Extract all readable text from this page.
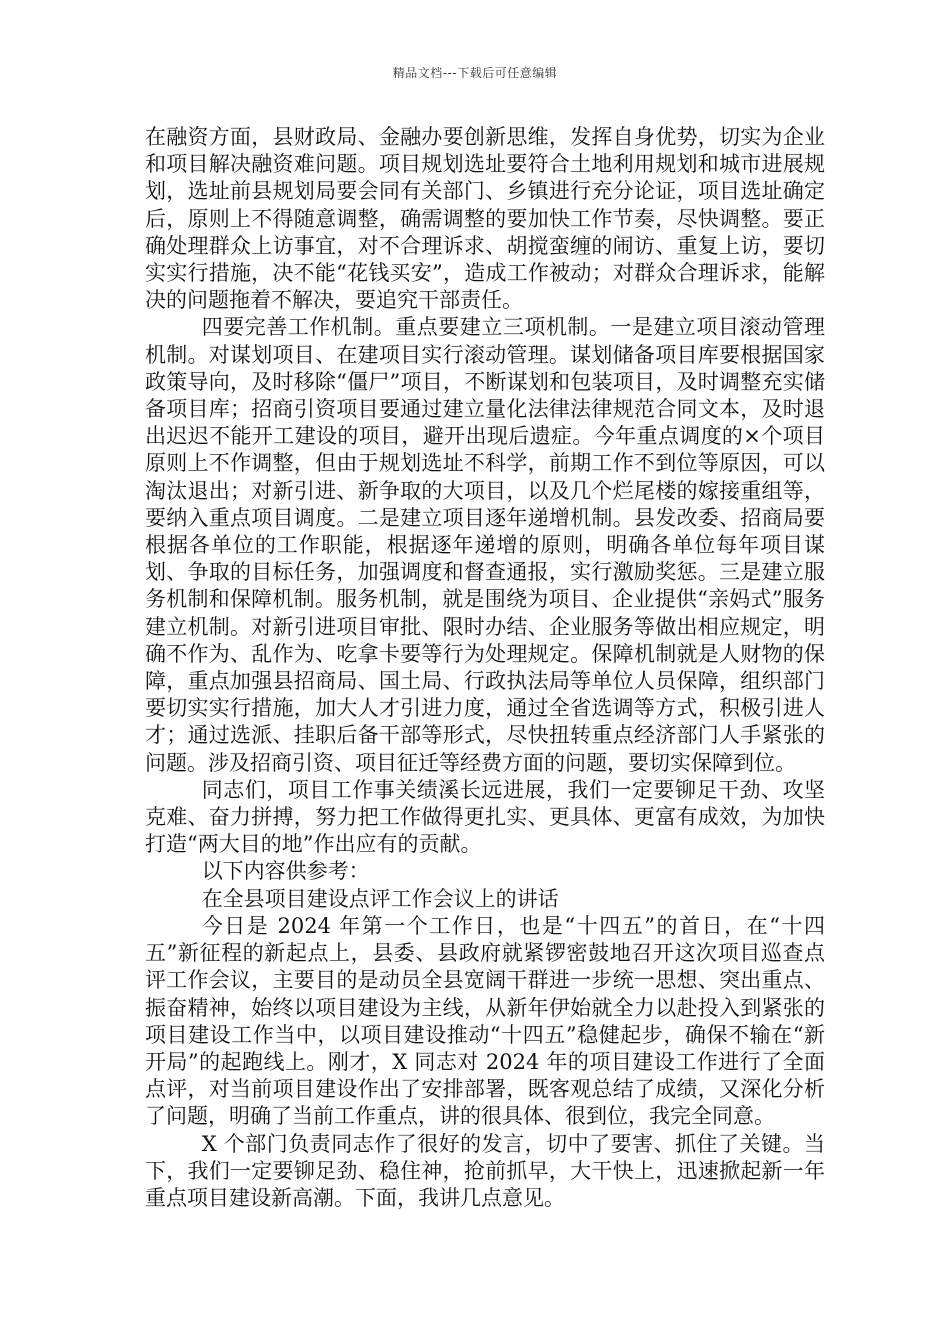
精品文档---下载后可任意编辑

在融资方面，县财政局、金融办要创新思维，发挥自身优势，切实为企业和项目解决融资难问题。项目规划选址要符合土地利用规划和城市进展规划，选址前县规划局要会同有关部门、乡镇进行充分论证，项目选址确定后，原则上不得随意调整，确需调整的要加快工作节奏，尽快调整。要正确处理群众上访事宜，对不合理诉求、胡搅蛮缠的闹访、重复上访，要切实实行措施，决不能“花钱买安”，造成工作被动；对群众合理诉求，能解决的问题拖着不解决，要追究干部责任。

四要完善工作机制。重点要建立三项机制。一是建立项目滚动管理机制。对谋划项目、在建项目实行滚动管理。谋划储备项目库要根据国家政策导向，及时移除“僵尸”项目，不断谋划和包装项目，及时调整充实储备项目库；招商引资项目要通过建立量化法律法律规范合同文本，及时退出迟迟不能开工建设的项目，避开出现后遗症。今年重点调度的×个项目原则上不作调整，但由于规划选址不科学，前期工作不到位等原因，可以淘汰退出；对新引进、新争取的大项目，以及几个烂尾楼的嫁接重组等，要纳入重点项目调度。二是建立项目逐年递增机制。县发改委、招商局要根据各单位的工作职能，根据逐年递增的原则，明确各单位每年项目谋划、争取的目标任务，加强调度和督查通报，实行激励奖惩。三是建立服务机制和保障机制。服务机制，就是围绕为项目、企业提供“亲妈式”服务建立机制。对新引进项目审批、限时办结、企业服务等做出相应规定，明确不作为、乱作为、吃拿卡要等行为处理规定。保障机制就是人财物的保障，重点加强县招商局、国土局、行政执法局等单位人员保障，组织部门要切实实行措施，加大人才引进力度，通过全省选调等方式，积极引进人才；通过选派、挂职后备干部等形式，尽快扭转重点经济部门人手紧张的问题。涉及招商引资、项目征迁等经费方面的问题，要切实保障到位。

同志们，项目工作事关绩溪长远进展，我们一定要铆足干劲、攻坚克难、奋力拼搏，努力把工作做得更扎实、更具体、更富有成效，为加快打造“两大目的地”作出应有的贡献。

以下内容供参考：

在全县项目建设点评工作会议上的讲话

今日是 2024 年第一个工作日，也是“十四五”的首日，在“十四五”新征程的新起点上，县委、县政府就紧锣密鼓地召开这次项目巡查点评工作会议，主要目的是动员全县宽阔干群进一步统一思想、突出重点、振奋精神，始终以项目建设为主线，从新年伊始就全力以赴投入到紧张的项目建设工作当中，以项目建设推动“十四五”稳健起步，确保不输在“新开局”的起跑线上。刚才，X 同志对 2024 年的项目建设工作进行了全面点评，对当前项目建设作出了安排部署，既客观总结了成绩，又深化分析了问题，明确了当前工作重点，讲的很具体、很到位，我完全同意。

X 个部门负责同志作了很好的发言，切中了要害、抓住了关键。当下，我们一定要铆足劲、稳住神，抢前抓早，大干快上，迅速掀起新一年重点项目建设新高潮。下面，我讲几点意见。
